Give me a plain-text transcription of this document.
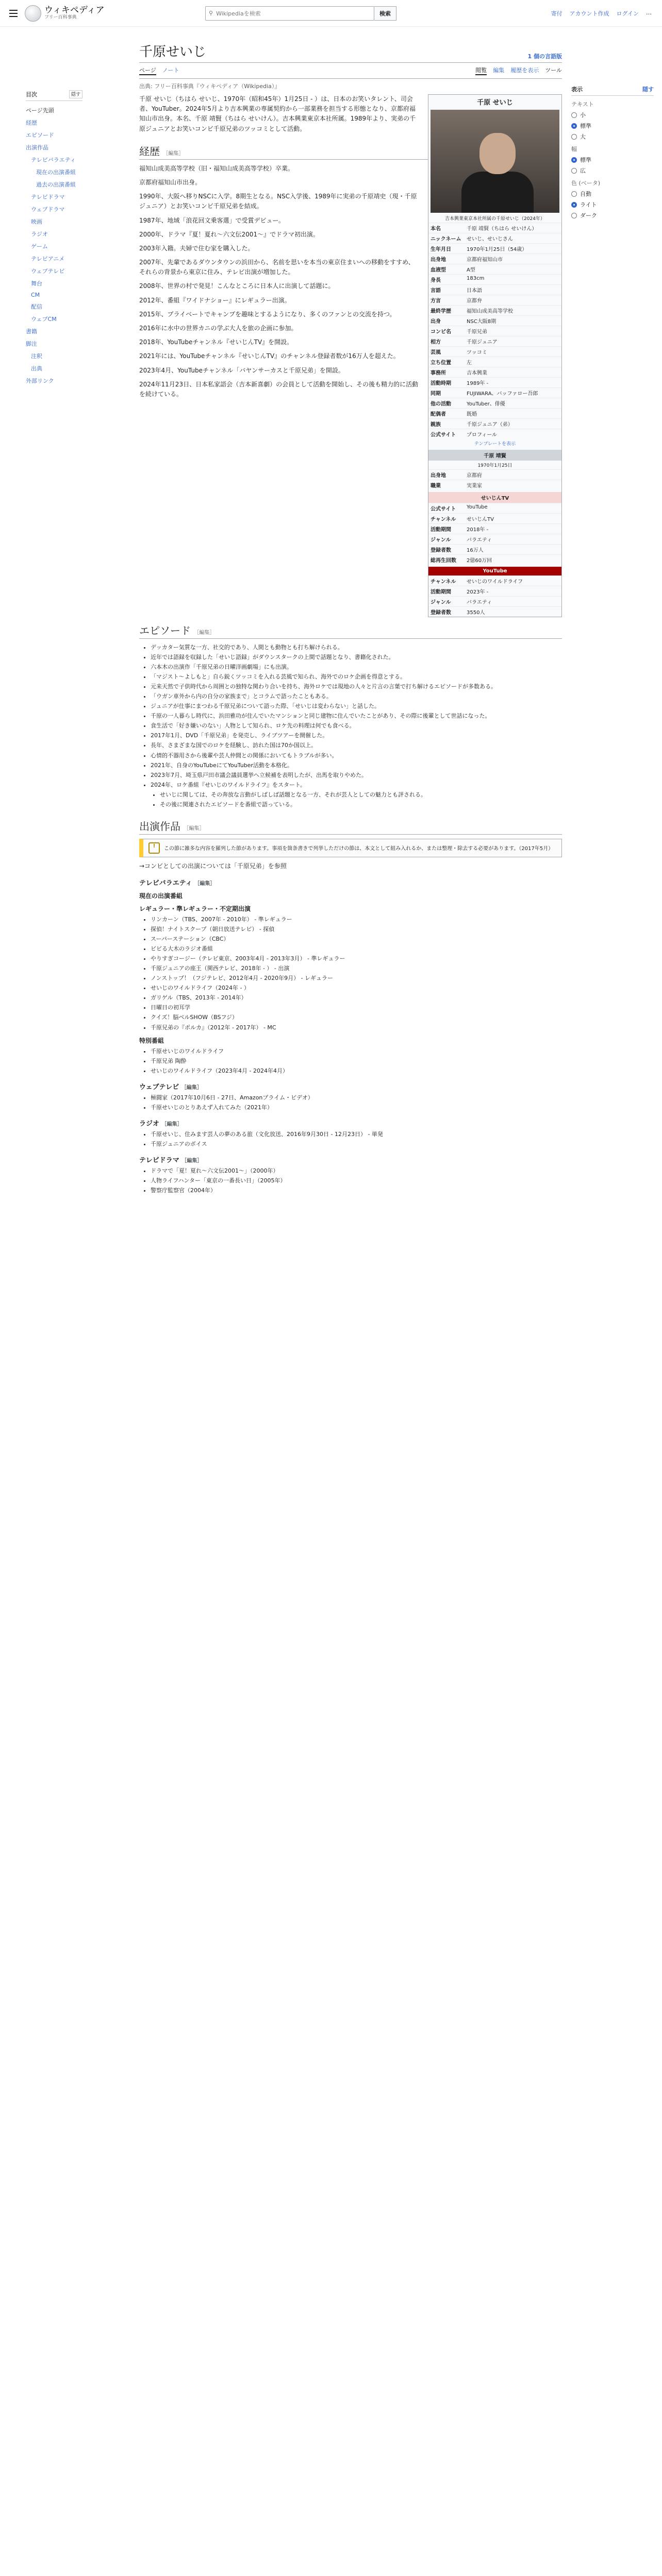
ウィキペディア
フリー百科事典
⚲ Wikipediaを検索	検索	寄付 アカウント作成 ログイン …
目次	隠す
ページ先頭
経歴
エピソード
出演作品
テレビバラエティ
現在の出演番組
過去の出演番組
テレビドラマ
ウェブドラマ
映画
ラジオ
ゲーム
テレビアニメ
ウェブテレビ
舞台
CM
配信
ウェブCM
書籍
脚注
注釈
出典
外部リンク
表示	隠す
テキスト
小
標準
大
幅
標準
広
色 (ベータ)
自動
ライト
ダーク
千原せいじ	1 個の言語版
ページ ノート	閲覧 編集 履歴を表示 ツール
出典: フリー百科事典『ウィキペディア（Wikipedia）』
千原 せいじ
吉本興業東京本社所属の千原せいじ（2024年）
本名	千原 靖賢（ちはら せいけん）
ニックネーム	せいじ、せいじさん
生年月日	1970年1月25日（54歳）
出身地	京都府福知山市
血液型	A型
身長	183cm
言語	日本語
方言	京都弁
最終学歴	福知山成美高等学校
出身	NSC大阪8期
コンビ名	千原兄弟
相方	千原ジュニア
芸風	ツッコミ
立ち位置	左
事務所	吉本興業
活動時期	1989年 -
同期	FUJIWARA、バッファロー吾郎
他の活動	YouTuber、俳優
配偶者	既婚
親族	千原ジュニア（弟）
公式サイト	プロフィール
テンプレートを表示
千原 靖賢
1970年1月25日
出身地	京都府
職業	実業家
せいじんTV
公式サイト	YouTube
チャンネル	せいじんTV
活動期間	2018年 -
ジャンル	バラエティ
登録者数	16万人
総再生回数	2億60万回
YouTube
チャンネル	せいじのワイルドライフ
活動期間	2023年 -
ジャンル	バラエティ
登録者数	3550人
千原 せいじ（ちはら せいじ、1970年（昭和45年）1月25日 - ）は、日本のお笑いタレント、司会者、YouTuber。2024年5月より吉本興業の専属契約から一部業務を担当する形態となり、京都府福知山市出身。本名、千原 靖賢（ちはら せいけん）。吉本興業東京本社所属。1989年より、実弟の千原ジュニアとお笑いコンビ千原兄弟のツッコミとして活動。
経歴 ［編集］
福知山成美高等学校（旧・福知山成美高等学校）卒業。
京都府福知山市出身。
1990年、大阪へ移りNSCに入学。8期生となる。NSC入学後、1989年に実弟の千原靖史（現・千原ジュニア）とお笑いコンビ千原兄弟を結成。
1987年、地域「浪花回文乗客選」で受賞デビュー。
2000年、ドラマ『夏！夏れ～六文伝2001～』でドラマ初出演。
2003年入籍。夫婦で住む家を購入した。
2007年、先輩であるダウンタウンの浜田から、名前を思いを本当の東京住まいへの移動をすすめ、それらの背景から東京に住み、テレビ出演が増加した。
2008年、世界の村で発見！こんなところに日本人に出演して話題に。
2012年、番組『ワイドナショー』にレギュラー出演。
2015年、プライベートでキャンプを趣味とするようになり、多くのファンとの交流を持つ。
2016年に水中の世界カニの学ぶ大人を旅の企画に参加。
2018年、YouTubeチャンネル『せいじんTV』を開設。
2021年には、YouTubeチャンネル『せいじんTV』のチャンネル登録者数が16万人を超えた。
2023年4月、YouTubeチャンネル「バヤンサーカスと千原兄弟」を開設。
2024年11月23日、日本私家語会（吉本新喜劇）の会員として活動を開始し、その後も精力的に活動を続けている。
エピソード ［編集］
• デッカター気質な一方、社交的であり、人間とも動物とも打ち解けられる。
• 近年では語録を収録した「せいじ語録」がダウンスタークの上間で話題となり、書籍化された。
• 六本木の出演作「千原兄弟の日曜洋画劇場」にも出演。
• 「マジスト〜よしもと」自ら鋭くツッコミを入れる芸風で知られ、海外でのロケ企画を得意とする。
• 元来天然で子供時代から周囲との独特な関わり合いを持ち、海外ロケでは現地の人々と片言の言葉で打ち解けるエピソードが多数ある。
• 「ウガン車外から内の自分の家族まで」とコラムで語ったこともある。
• ジュニアが仕事にまつわる千原兄弟について語った際、「せいじは変わらない」と話した。
• 千原の一人暮らし時代に、浜田雅功が住んでいたマンションと同じ建物に住んでいたことがあり、その際に後輩として世話になった。
• 食生活で「好き嫌いのない」人物として知られ、ロケ先の料理は何でも食べる。
• 2017年1月、DVD「千原兄弟」を発売し、ライブツアーを開催した。
• 長年、さまざまな国でのロケを経験し、訪れた国は70か国以上。
• 心情的不器用さから後輩や芸人仲間との関係においてもトラブルが多い。
• 2021年、自身のYouTubeにてYouTuber活動を本格化。
• 2023年7月、埼玉県戸田市議会議員選挙へ立候補を表明したが、出馬を取りやめた。
• 2024年、ロケ番組『せいじのワイルドライフ』をスタート。
• せいじに関しては、その奔放な言動がしばしば話題となる一方、それが芸人としての魅力とも評される。
• その後に関連されたエピソードを番組で語っている。
出演作品 ［編集］
!	この節に雑多な内容を羅列した節があります。事項を箇条書きで列挙しただけの節は、本文として組み入れるか、または整理・除去する必要があります。（2017年5月）
→コンビとしての出演については「千原兄弟」を参照
テレビバラエティ ［編集］
現在の出演番組
レギュラー・準レギュラー・不定期出演
• リンカーン（TBS、2007年 - 2010年） - 準レギュラー
• 探偵！ナイトスクープ（朝日放送テレビ） - 探偵
• スーパーステーション（CBC）
• ビビる大木のラジオ番組
• やりすぎコージー（テレビ東京、2003年4月 - 2013年3月） - 準レギュラー
• 千原ジュニアの座王（関西テレビ、2018年 - ） - 出演
• ノンストップ！（フジテレビ、2012年4月 - 2020年9月） - レギュラー
• せいじのワイルドライフ（2024年 - ）
• ガリゲル（TBS、2013年 - 2014年）
• 日曜日の初耳学
• クイズ！脳ベルSHOW（BSフジ）
• 千原兄弟の『ポルカ』（2012年 - 2017年） - MC
特別番組
• 千原せいじのワイルドライフ
• 千原兄弟 陶酔
• せいじのワイルドライフ（2023年4月 - 2024年4月）
ウェブテレビ ［編集］
• 極闘家（2017年10月6日 - 27日、Amazonプライム・ビデオ）
• 千原せいじのとりあえず入れてみた（2021年）
ラジオ ［編集］
• 千原せいじ、住みます芸人の夢のある旅（文化放送、2016年9月30日 - 12月23日） - 単発
• 千原ジュニアのボイス
テレビドラマ ［編集］
• ドラマで「夏！夏れ～六文伝2001～」（2000年）
• 人物ライフハンター「東京の一番長い日」（2005年）
• 警察庁監察官（2004年）
